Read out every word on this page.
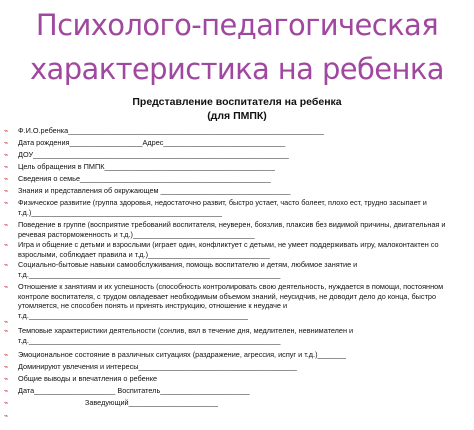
Психолого-педагогическая
характеристика на ребенка
Представление воспитателя на ребенка
(для ПМПК)
⌁ Ф.И.О.ребенка_______________________________________________________________
⌁ Дата рождения__________________Адрес______________________________
⌁ ДОУ_______________________________________________________________
⌁ Цель обращения в ПМПК__________________________________________
⌁ Сведения о семье_______________________________________________
⌁ Знания и представления об окружающем ________________________________
⌁ Физическое развитие (группа здоровья, недостаточно развит, быстро устает, часто болеет, плохо ест, трудно засыпает и т.д.)_______________________________________________
⌁ Поведение в группе (восприятие требований воспитателя, неуверен, боязлив, плаксив без видимой причины, двигательная и речевая расторможенность и т.д.)______________________________
⌁ Игра и общение с детьми и взрослыми (играет один, конфликтует с детьми, не умеет поддерживать игру, малоконтактен со взрослыми, соблюдает правила и т.д.)______________________________
⌁ Социально-бытовые навыки самообслуживания, помощь воспитателю и детям, любимое занятие и т.д.______________________________________________________________
⌁ Отношение к занятиям и их успешность (способность контролировать свою деятельность, нуждается в помощи, постоянном контроле воспитателя, с трудом овладевает необходимым объемом знаний, неусидчив, не доводит дело до конца, быстро утомляется, не способен понять и принять инструкцию, отношение к неудаче и т.д.______________________________________________________
⌁
⌁ Темповые характеристики деятельности (сонлив, вял в течение дня, медлителен, невнимателен и т.д.______________________________________________________________
⌁ Эмоциональное состояние в различных ситуациях (раздражение, агрессия, испуг и т.д.)_______
⌁ Доминируют увлечения и интересы_______________________________________
⌁ Общие выводы и впечатления о ребенке
⌁ Дата____________________ Воспитатель______________________
⌁ Заведующий______________________
⌁
